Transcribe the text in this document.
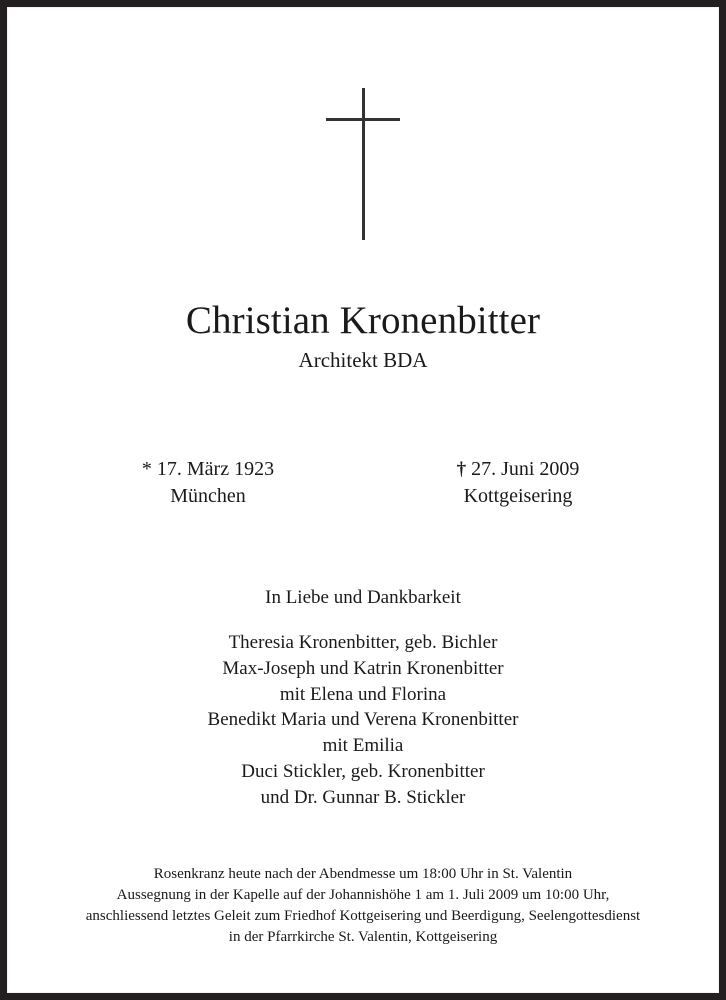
Christian Kronenbitter
Architekt BDA
* 17. März 1923
München
† 27. Juni 2009
Kottgeisering
In Liebe und Dankbarkeit
Theresia Kronenbitter, geb. Bichler
Max-Joseph und Katrin Kronenbitter
mit Elena und Florina
Benedikt Maria und Verena Kronenbitter
mit Emilia
Duci Stickler, geb. Kronenbitter
und Dr. Gunnar B. Stickler
Rosenkranz heute nach der Abendmesse um 18:00 Uhr in St. Valentin
Aussegnung in der Kapelle auf der Johannishöhe 1 am 1. Juli 2009 um 10:00 Uhr,
anschliessend letztes Geleit zum Friedhof Kottgeisering und Beerdigung, Seelengottesdienst
in der Pfarrkirche St. Valentin, Kottgeisering
